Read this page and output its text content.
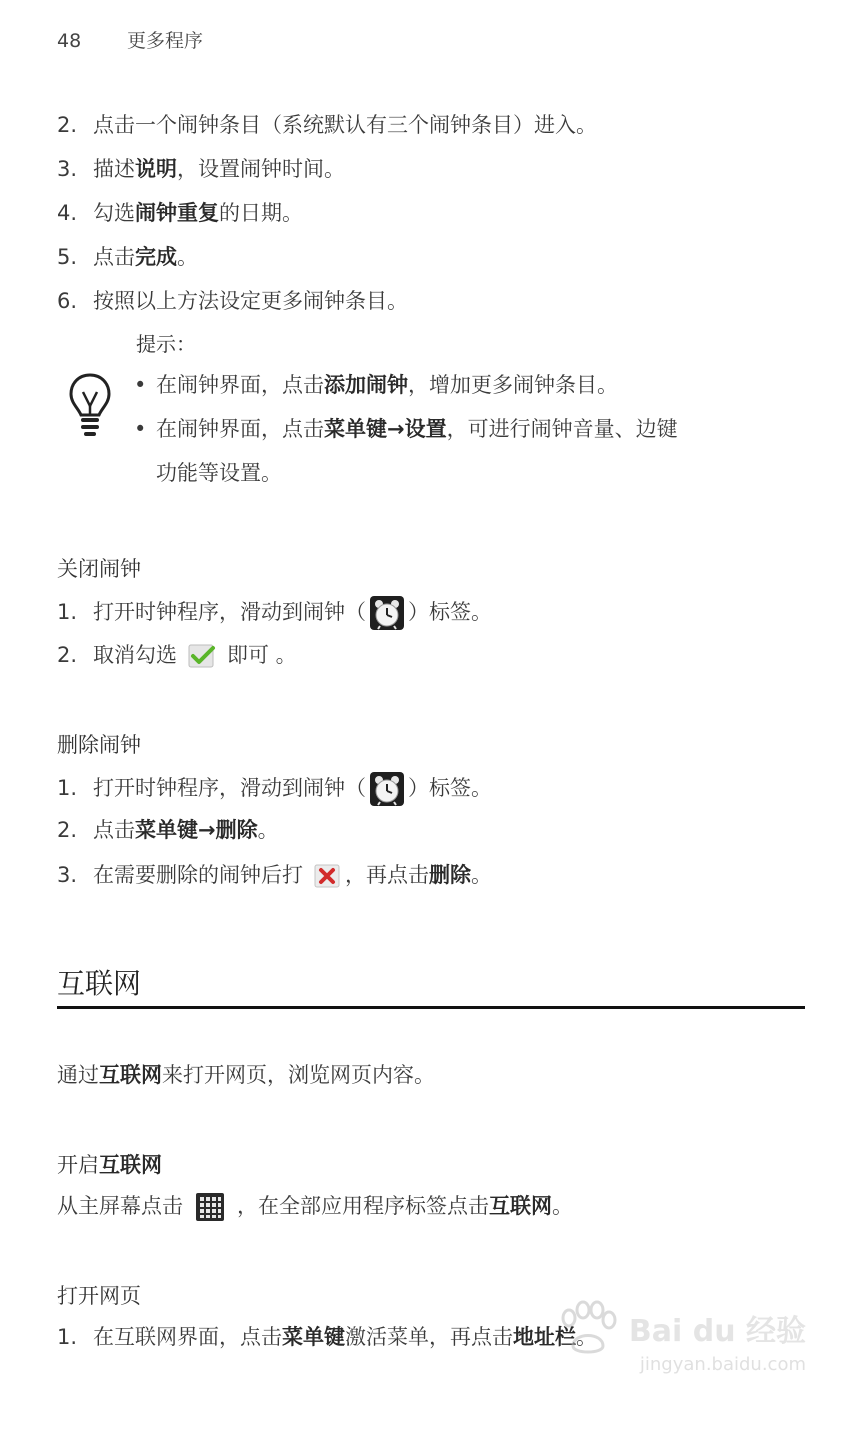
48 更多程序
2. 点击一个闹钟条目（系统默认有三个闹钟条目）进入。
3. 描述说明，设置闹钟时间。
4. 勾选闹钟重复的日期。
5. 点击完成。
6. 按照以上方法设定更多闹钟条目。
提示：
• 在闹钟界面，点击添加闹钟，增加更多闹钟条目。
• 在闹钟界面，点击菜单键→设置，可进行闹钟音量、边键
功能等设置。
关闭闹钟
1. 打开时钟程序，滑动到闹钟（ ）标签。
2. 取消勾选 即可 。
删除闹钟
1. 打开时钟程序，滑动到闹钟（ ）标签。
2. 点击菜单键→删除。
3. 在需要删除的闹钟后打 ，再点击删除。
互联网
通过互联网来打开网页，浏览网页内容。
开启互联网
从主屏幕点击	，在全部应用程序标签点击互联网。
打开网页
1. 在互联网界面，点击菜单键激活菜单，再点击地址栏。 Bai du 经验
jingyan.baidu.com
